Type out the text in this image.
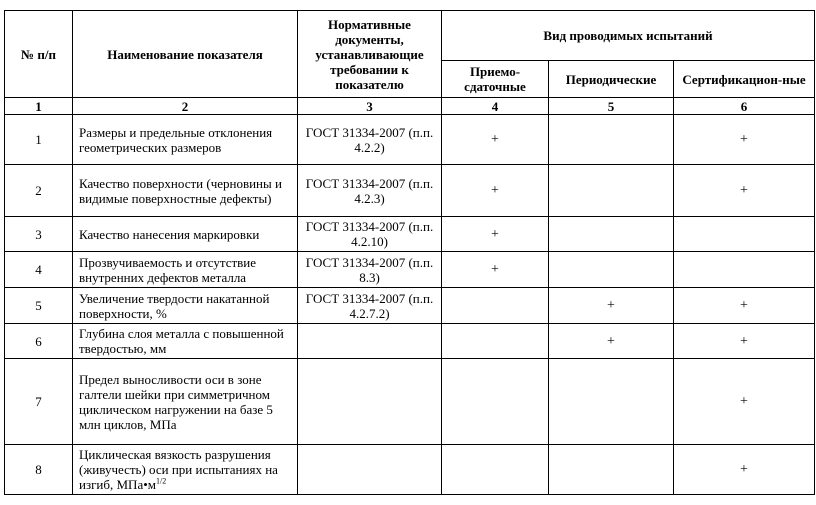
№ п/п	Наименование показателя	Нормативные документы, устанавливающие требовании к показателю	Вид проводимых испытаний		
			Приемо-сдаточные	Периодические	Сертификацион-ные
1	2	3	4	5	6
1	Размеры и предельные отклонения геометрических размеров	ГОСТ 31334-2007 (п.п. 4.2.2)	+		+
2	Качество поверхности (черновины и видимые поверхностные дефекты)	ГОСТ 31334-2007 (п.п. 4.2.3)	+		+
3	Качество нанесения маркировки	ГОСТ 31334-2007 (п.п. 4.2.10)	+		
4	Прозвучиваемость и отсутствие внутренних дефектов металла	ГОСТ 31334-2007 (п.п. 8.3)	+		
5	Увеличение твердости накатанной поверхности, %	ГОСТ 31334-2007 (п.п. 4.2.7.2)		+	+
6	Глубина слоя металла с повышенной твердостью, мм			+	+
7	Предел выносливости оси в зоне галтели шейки при симметричном циклическом нагружении на базе 5 млн циклов, МПа				+
8	Циклическая вязкость разрушения (живучесть) оси при испытаниях на изгиб, $МПа•м^{1/2}$				+
